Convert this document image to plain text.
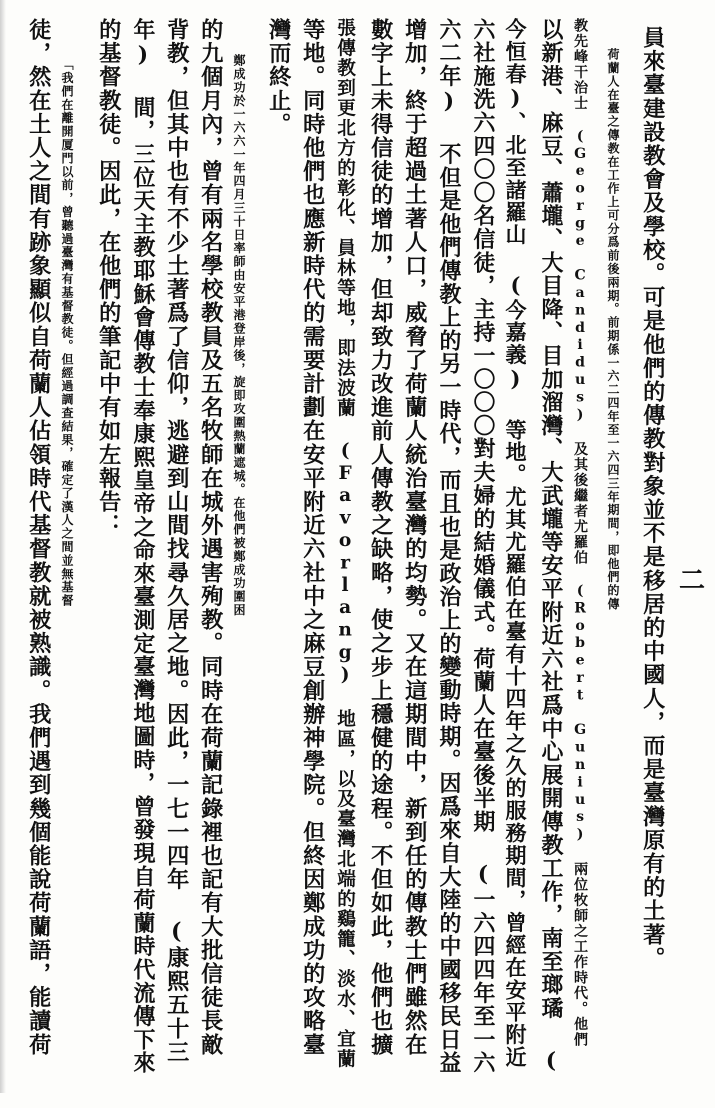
二
員來臺建設教會及學校。可是他們的傳教對象並不是移居的中國人，而是臺灣原有的土著。
荷蘭人在臺之傳教在工作上可分爲前後兩期。前期係一六二四年至一六四三年期間，即他們的傳
教先峰干治士 (George Candidus) 及其後繼者尤羅伯 (Robert Gunius) 兩位牧師之工作時代。他們
以新港、麻豆、蕭壠、大目降、目加溜灣、大武壠等安平附近六社爲中心展開傳教工作，南至瑯璚 (
今恒春)、北至諸羅山 (今嘉義) 等地。尤其尤羅伯在臺有十四年之久的服務期間，曾經在安平附近
六社施洗六四〇〇名信徒，主持一〇〇〇對夫婦的結婚儀式。荷蘭人在臺後半期 (一六四四年至一六
六二年) 不但是他們傳教上的另一時代，而且也是政治上的變動時期。因爲來自大陸的中國移民日益
增加，終于超過土著人口，威脅了荷蘭人統治臺灣的均勢。又在這期間中，新到任的傳教士們雖然在
數字上未得信徒的增加，但却致力改進前人傳教之缺略，使之步上穩健的途程。不但如此，他們也擴
張傳教到更北方的彰化、員林等地，即法波蘭 (Favorlang) 地區，以及臺灣北端的鷄籠、淡水、宜蘭
等地。同時他們也應新時代的需要計劃在安平附近六社中之麻豆創辦神學院。但終因鄭成功的攻略臺
灣而終止。
鄭成功於一六六一年四月三十日率師由安平港登岸後，旋即攻圍熱蘭遮城。在他們被鄭成功圍困
的九個月內，曾有兩名學校教員及五名牧師在城外遇害殉教。同時在荷蘭記錄裡也記有大批信徒長敵
背教，但其中也有不少土著爲了信仰，逃避到山間找尋久居之地。因此，一七一四年 (康熙五十三
年) 間，三位天主教耶穌會傳教士奉康熙皇帝之命來臺測定臺灣地圖時，曾發現自荷蘭時代流傳下來
的基督教徒。因此，在他們的筆記中有如左報告：
「我們在離開厦門以前，曾聽過臺灣有基督教徒。但經過調查結果，確定了漢人之間並無基督
徒，然在土人之間有跡象顯似自荷蘭人佔領時代基督教就被熟識。我們遇到幾個能說荷蘭語，能讀荷
